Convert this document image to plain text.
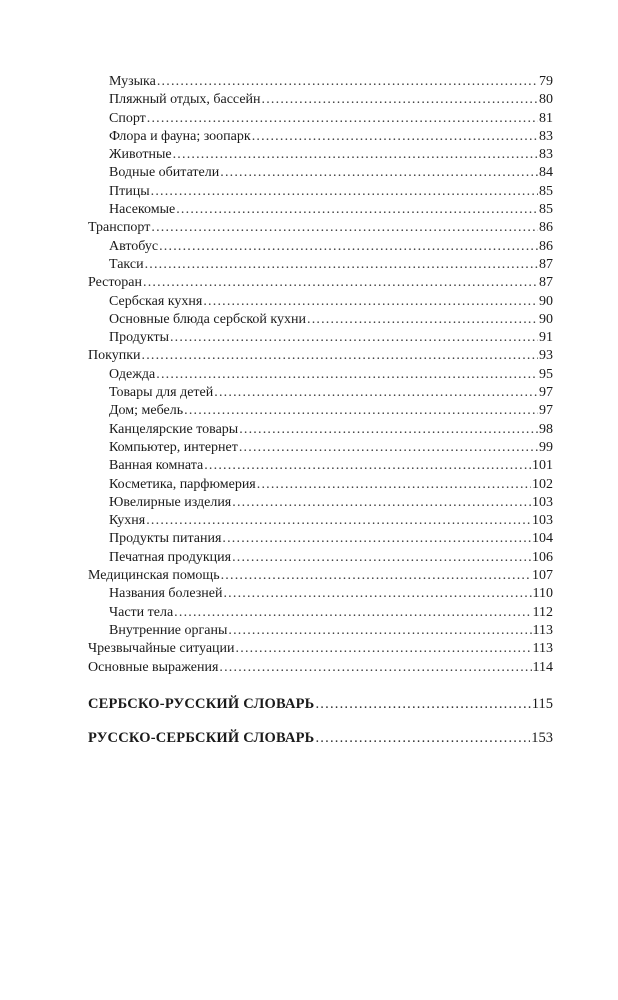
Музыка .....	79
Пляжный отдых, бассейн .....	80
Спорт .....	81
Флора и фауна; зоопарк .....	83
Животные .....	83
Водные обитатели .....	84
Птицы .....	85
Насекомые .....	85
Транспорт .....	86
Автобус .....	86
Такси .....	87
Ресторан .....	87
Сербская кухня .....	90
Основные блюда сербской кухни .....	90
Продукты .....	91
Покупки .....	93
Одежда .....	95
Товары для детей .....	97
Дом; мебель .....	97
Канцелярские товары .....	98
Компьютер, интернет .....	99
Ванная комната .....	101
Косметика, парфюмерия .....	102
Ювелирные изделия .....	103
Кухня .....	103
Продукты питания .....	104
Печатная продукция .....	106
Медицинская помощь .....	107
Названия болезней .....	110
Части тела .....	112
Внутренние органы .....	113
Чрезвычайные ситуации .....	113
Основные выражения .....	114
СЕРБСКО-РУССКИЙ СЛОВАРЬ .....	115
РУССКО-СЕРБСКИЙ СЛОВАРЬ .....	153
